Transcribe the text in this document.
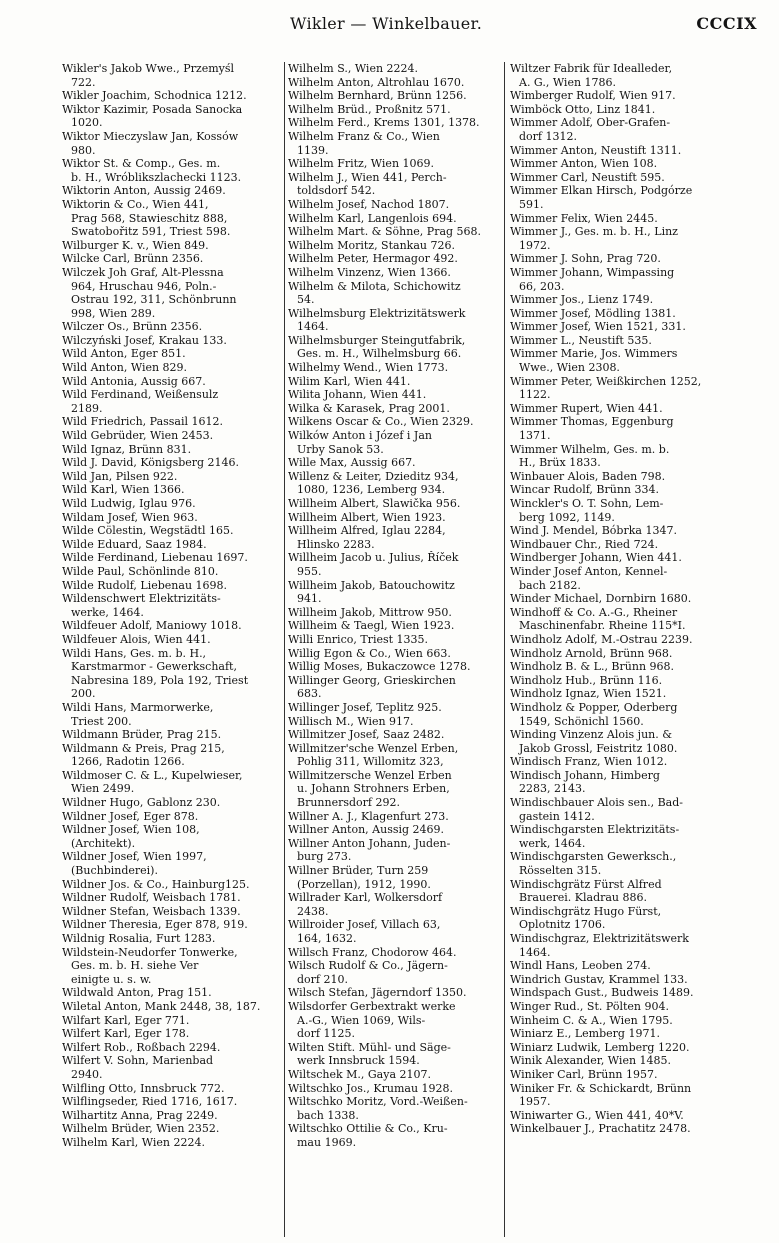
Wikler — Winkelbauer.	CCCIX
Wikler's Jakob Wwe., Przemyśl
722.
Wikler Joachim, Schodnica 1212.
Wiktor Kazimir, Posada Sanocka
1020.
Wiktor Mieczyslaw Jan, Kossów
980.
Wiktor St. & Comp., Ges. m.
b. H., Wróblikszlachecki 1123.
Wiktorin Anton, Aussig 2469.
Wiktorin & Co., Wien 441,
Prag 568, Stawieschitz 888,
Swatobořitz 591, Triest 598.
Wilburger K. v., Wien 849.
Wilcke Carl, Brünn 2356.
Wilczek Joh Graf, Alt-Plessna
964, Hruschau 946, Poln.-
Ostrau 192, 311, Schönbrunn
998, Wien 289.
Wilczer Os., Brünn 2356.
Wilczyński Josef, Krakau 133.
Wild Anton, Eger 851.
Wild Anton, Wien 829.
Wild Antonia, Aussig 667.
Wild Ferdinand, Weißensulz
2189.
Wild Friedrich, Passail 1612.
Wild Gebrüder, Wien 2453.
Wild Ignaz, Brünn 831.
Wild J. David, Königsberg 2146.
Wild Jan, Pilsen 922.
Wild Karl, Wien 1366.
Wild Ludwig, Iglau 976.
Wildam Josef, Wien 963.
Wilde Cölestin, Wegstädtl 165.
Wilde Eduard, Saaz 1984.
Wilde Ferdinand, Liebenau 1697.
Wilde Paul, Schönlinde 810.
Wilde Rudolf, Liebenau 1698.
Wildenschwert Elektrizitäts-
werke, 1464.
Wildfeuer Adolf, Maniowy 1018.
Wildfeuer Alois, Wien 441.
Wildi Hans, Ges. m. b. H.,
Karstmarmor - Gewerkschaft,
Nabresina 189, Pola 192, Triest
200.
Wildi Hans, Marmorwerke,
Triest 200.
Wildmann Brüder, Prag 215.
Wildmann & Preis, Prag 215,
1266, Radotin 1266.
Wildmoser C. & L., Kupelwieser,
Wien 2499.
Wildner Hugo, Gablonz 230.
Wildner Josef, Eger 878.
Wildner Josef, Wien 108,
(Architekt).
Wildner Josef, Wien 1997,
(Buchbinderei).
Wildner Jos. & Co., Hainburg125.
Wildner Rudolf, Weisbach 1781.
Wildner Stefan, Weisbach 1339.
Wildner Theresia, Eger 878, 919.
Wildnig Rosalia, Furt 1283.
Wildstein-Neudorfer Tonwerke,
Ges. m. b. H. siehe Ver
einigte u. s. w.
Wildwald Anton, Prag 151.
Wiletal Anton, Mank 2448, 38, 187.
Wilfart Karl, Eger 771.
Wilfert Karl, Eger 178.
Wilfert Rob., Roßbach 2294.
Wilfert V. Sohn, Marienbad
2940.
Wilfling Otto, Innsbruck 772.
Wilflingseder, Ried 1716, 1617.
Wilhartitz Anna, Prag 2249.
Wilhelm Brüder, Wien 2352.
Wilhelm Karl, Wien 2224.
Wilhelm S., Wien 2224.
Wilhelm Anton, Altrohlau 1670.
Wilhelm Bernhard, Brünn 1256.
Wilhelm Brüd., Proßnitz 571.
Wilhelm Ferd., Krems 1301, 1378.
Wilhelm Franz & Co., Wien
1139.
Wilhelm Fritz, Wien 1069.
Wilhelm J., Wien 441, Perch-
toldsdorf 542.
Wilhelm Josef, Nachod 1807.
Wilhelm Karl, Langenlois 694.
Wilhelm Mart. & Söhne, Prag 568.
Wilhelm Moritz, Stankau 726.
Wilhelm Peter, Hermagor 492.
Wilhelm Vinzenz, Wien 1366.
Wilhelm & Milota, Schichowitz
54.
Wilhelmsburg Elektrizitätswerk
1464.
Wilhelmsburger Steingutfabrik,
Ges. m. H., Wilhelmsburg 66.
Wilhelmy Wend., Wien 1773.
Wilim Karl, Wien 441.
Wilita Johann, Wien 441.
Wilka & Karasek, Prag 2001.
Wilkens Oscar & Co., Wien 2329.
Wilków Anton i Józef i Jan
Urby Sanok 53.
Wille Max, Aussig 667.
Willenz & Leiter, Dzieditz 934,
1080, 1236, Lemberg 934.
Willheim Albert, Slawička 956.
Willheim Albert, Wien 1923.
Willheim Alfred, Iglau 2284,
Hlinsko 2283.
Willheim Jacob u. Julius, Říček
955.
Willheim Jakob, Batouchowitz
941.
Willheim Jakob, Mittrow 950.
Willheim & Taegl, Wien 1923.
Willi Enrico, Triest 1335.
Willig Egon & Co., Wien 663.
Willig Moses, Bukaczowce 1278.
Willinger Georg, Grieskirchen
683.
Willinger Josef, Teplitz 925.
Willisch M., Wien 917.
Willmitzer Josef, Saaz 2482.
Willmitzer'sche Wenzel Erben,
Pohlig 311, Willomitz 323,
Willmitzersche Wenzel Erben
u. Johann Strohners Erben,
Brunnersdorf 292.
Willner A. J., Klagenfurt 273.
Willner Anton, Aussig 2469.
Willner Anton Johann, Juden-
burg 273.
Willner Brüder, Turn 259
(Porzellan), 1912, 1990.
Willrader Karl, Wolkersdorf
2438.
Willroider Josef, Villach 63,
164, 1632.
Willsch Franz, Chodorow 464.
Wilsch Rudolf & Co., Jägern-
dorf 210.
Wilsch Stefan, Jägerndorf 1350.
Wilsdorfer Gerbextrakt werke
A.-G., Wien 1069, Wils-
dorf 1125.
Wilten Stift. Mühl- und Säge-
werk Innsbruck 1594.
Wiltschek M., Gaya 2107.
Wiltschko Jos., Krumau 1928.
Wiltschko Moritz, Vord.-Weißen-
bach 1338.
Wiltschko Ottilie & Co., Kru-
mau 1969.
Wiltzer Fabrik für Idealleder,
A. G., Wien 1786.
Wimberger Rudolf, Wien 917.
Wimböck Otto, Linz 1841.
Wimmer Adolf, Ober-Grafen-
dorf 1312.
Wimmer Anton, Neustift 1311.
Wimmer Anton, Wien 108.
Wimmer Carl, Neustift 595.
Wimmer Elkan Hirsch, Podgórze
591.
Wimmer Felix, Wien 2445.
Wimmer J., Ges. m. b. H., Linz
1972.
Wimmer J. Sohn, Prag 720.
Wimmer Johann, Wimpassing
66, 203.
Wimmer Jos., Lienz 1749.
Wimmer Josef, Mödling 1381.
Wimmer Josef, Wien 1521, 331.
Wimmer L., Neustift 535.
Wimmer Marie, Jos. Wimmers
Wwe., Wien 2308.
Wimmer Peter, Weißkirchen 1252,
1122.
Wimmer Rupert, Wien 441.
Wimmer Thomas, Eggenburg
1371.
Wimmer Wilhelm, Ges. m. b.
H., Brüx 1833.
Winbauer Alois, Baden 798.
Wincar Rudolf, Brünn 334.
Winckler's O. T. Sohn, Lem-
berg 1092, 1149.
Wind J. Mendel, Bóbrka 1347.
Windbauer Chr., Ried 724.
Windberger Johann, Wien 441.
Winder Josef Anton, Kennel-
bach 2182.
Winder Michael, Dornbirn 1680.
Windhoff & Co. A.-G., Rheiner
Maschinenfabr. Rheine 115*I.
Windholz Adolf, M.-Ostrau 2239.
Windholz Arnold, Brünn 968.
Windholz B. & L., Brünn 968.
Windholz Hub., Brünn 116.
Windholz Ignaz, Wien 1521.
Windholz & Popper, Oderberg
1549, Schönichl 1560.
Winding Vinzenz Alois jun. &
Jakob Grossl, Feistritz 1080.
Windisch Franz, Wien 1012.
Windisch Johann, Himberg
2283, 2143.
Windischbauer Alois sen., Bad-
gastein 1412.
Windischgarsten Elektrizitäts-
werk, 1464.
Windischgarsten Gewerksch.,
Rösselten 315.
Windischgrätz Fürst Alfred
Brauerei. Kladrau 886.
Windischgrätz Hugo Fürst,
Oplotnitz 1706.
Windischgraz, Elektrizitätswerk
1464.
Windl Hans, Leoben 274.
Windrich Gustav, Krammel 133.
Windspach Gust., Budweis 1489.
Winger Rud., St. Pölten 904.
Winheim C. & A., Wien 1795.
Winiarz E., Lemberg 1971.
Winiarz Ludwik, Lemberg 1220.
Winik Alexander, Wien 1485.
Winiker Carl, Brünn 1957.
Winiker Fr. & Schickardt, Brünn
1957.
Winiwarter G., Wien 441, 40*V.
Winkelbauer J., Prachatitz 2478.
